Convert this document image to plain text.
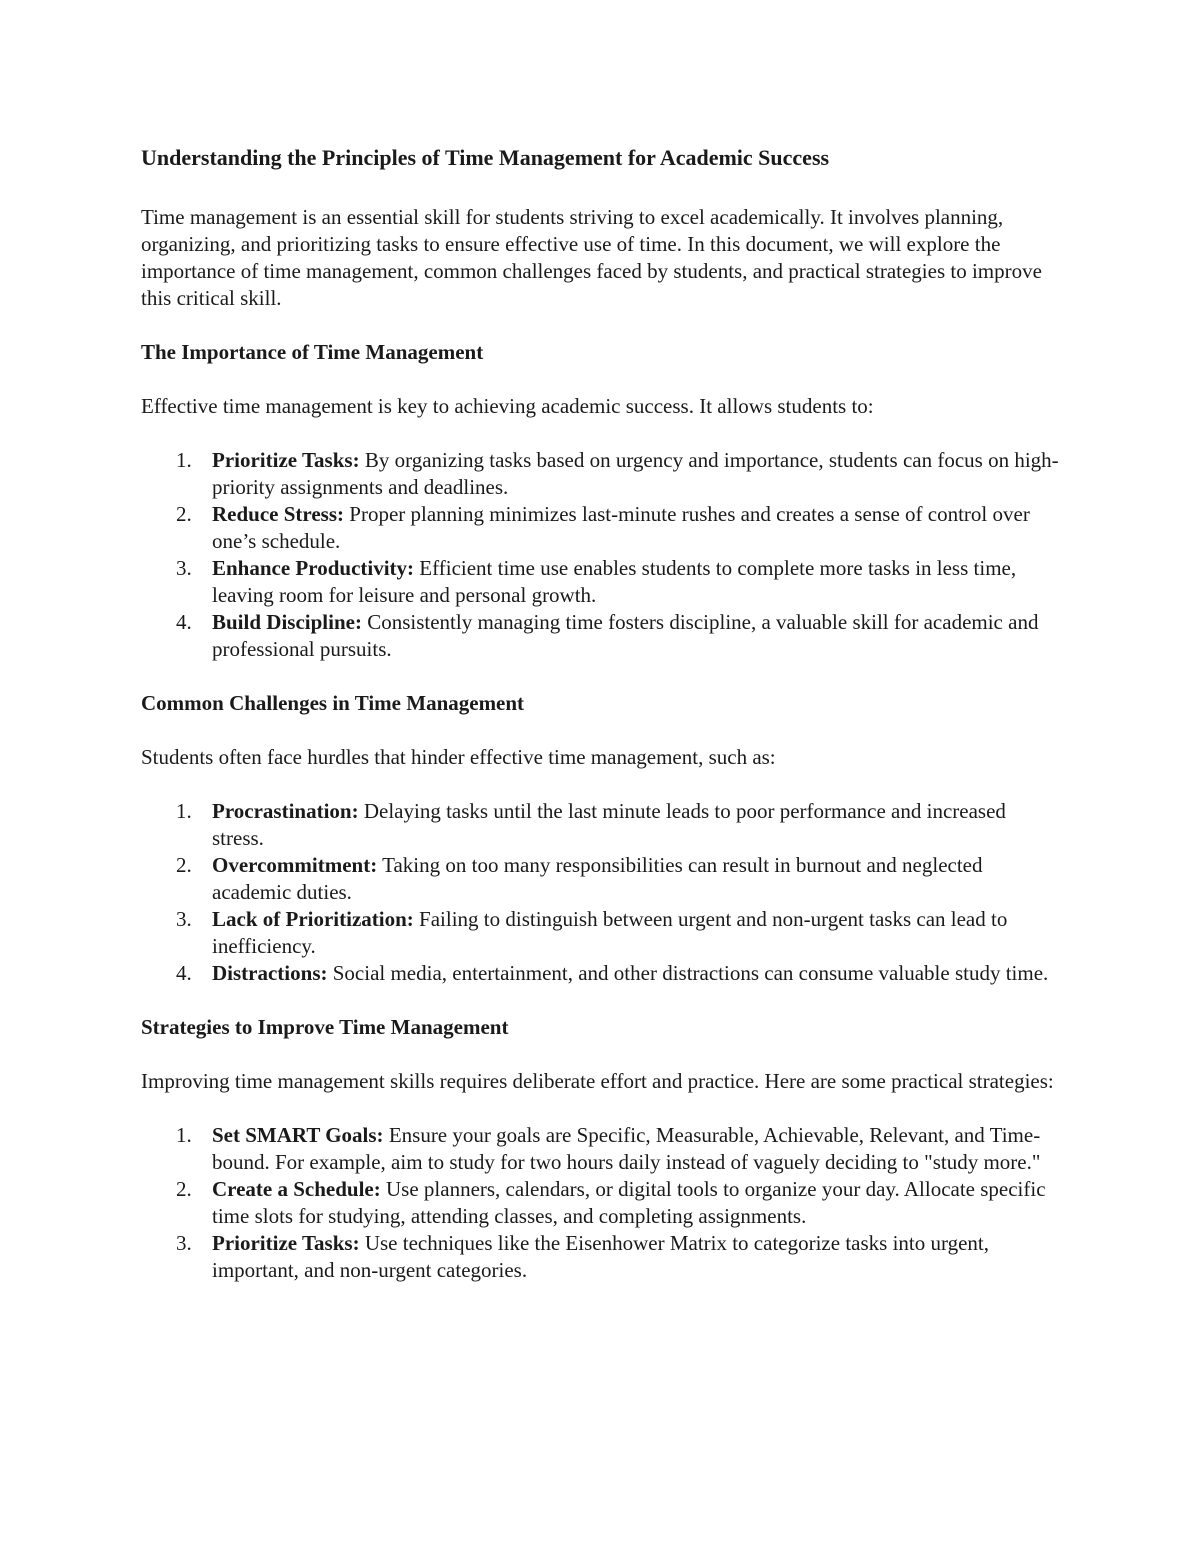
Understanding the Principles of Time Management for Academic Success

Time management is an essential skill for students striving to excel academically. It involves planning, organizing, and prioritizing tasks to ensure effective use of time. In this document, we will explore the importance of time management, common challenges faced by students, and practical strategies to improve this critical skill.

The Importance of Time Management

Effective time management is key to achieving academic success. It allows students to:

1. Prioritize Tasks: By organizing tasks based on urgency and importance, students can focus on high-priority assignments and deadlines.
2. Reduce Stress: Proper planning minimizes last-minute rushes and creates a sense of control over one’s schedule.
3. Enhance Productivity: Efficient time use enables students to complete more tasks in less time, leaving room for leisure and personal growth.
4. Build Discipline: Consistently managing time fosters discipline, a valuable skill for academic and professional pursuits.
Common Challenges in Time Management

Students often face hurdles that hinder effective time management, such as:

1. Procrastination: Delaying tasks until the last minute leads to poor performance and increased stress.
2. Overcommitment: Taking on too many responsibilities can result in burnout and neglected academic duties.
3. Lack of Prioritization: Failing to distinguish between urgent and non-urgent tasks can lead to inefficiency.
4. Distractions: Social media, entertainment, and other distractions can consume valuable study time.
Strategies to Improve Time Management

Improving time management skills requires deliberate effort and practice. Here are some practical strategies:

1. Set SMART Goals: Ensure your goals are Specific, Measurable, Achievable, Relevant, and Time-bound. For example, aim to study for two hours daily instead of vaguely deciding to "study more."
2. Create a Schedule: Use planners, calendars, or digital tools to organize your day. Allocate specific time slots for studying, attending classes, and completing assignments.
3. Prioritize Tasks: Use techniques like the Eisenhower Matrix to categorize tasks into urgent, important, and non-urgent categories.
